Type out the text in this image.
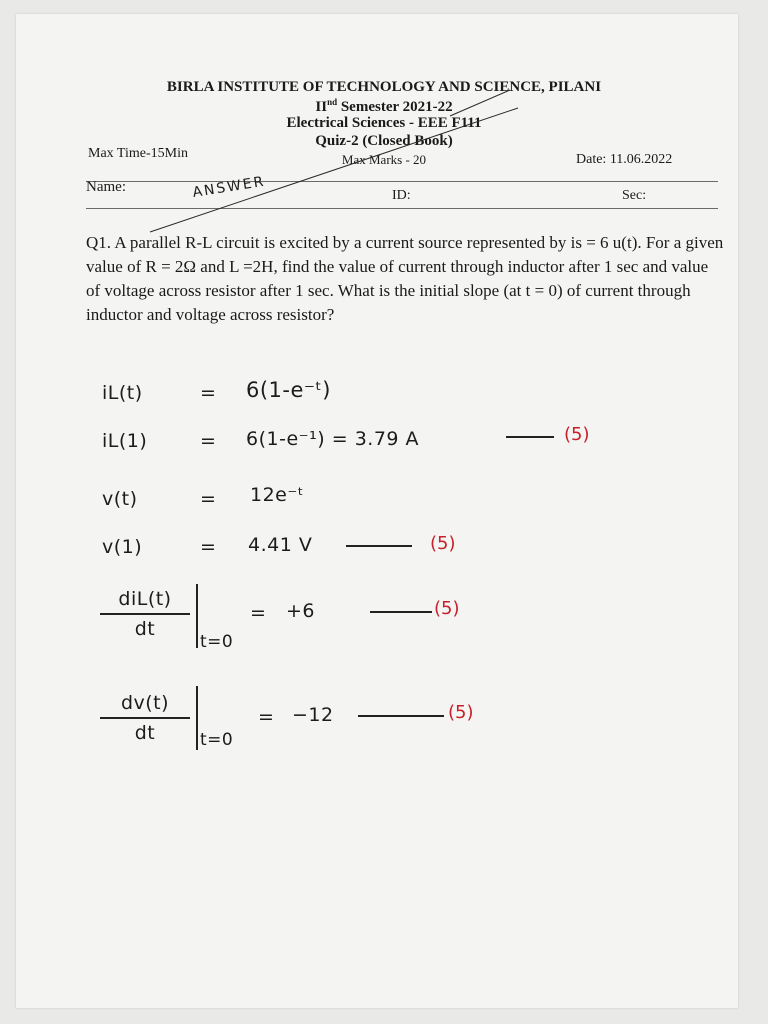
BIRLA INSTITUTE OF TECHNOLOGY AND SCIENCE, PILANI
IInd Semester 2021-22
Electrical Sciences - EEE F111
Quiz-2 (Closed Book)
Max Marks - 20
Max Time-15Min	Date: 11.06.2022
Name:
ID:	Sec:
ANSWER
Q1. A parallel R-L circuit is excited by a current source represented by is = 6 u(t). For a given value of R = 2Ω and L =2H, find the value of current through inductor after 1 sec and value of voltage across resistor after 1 sec. What is the initial slope (at t = 0) of current through inductor and voltage across resistor?
iL(t)	= 6(1-e⁻ᵗ)
iL(1)	= 6(1-e⁻¹) = 3.79 A	(5)
v(t)	= 12e⁻ᵗ
v(1)	= 4.41 V	(5)
diL(t)
dt
t=0
= +6	(5)
dv(t)
dt	t=0
= −12	(5)
